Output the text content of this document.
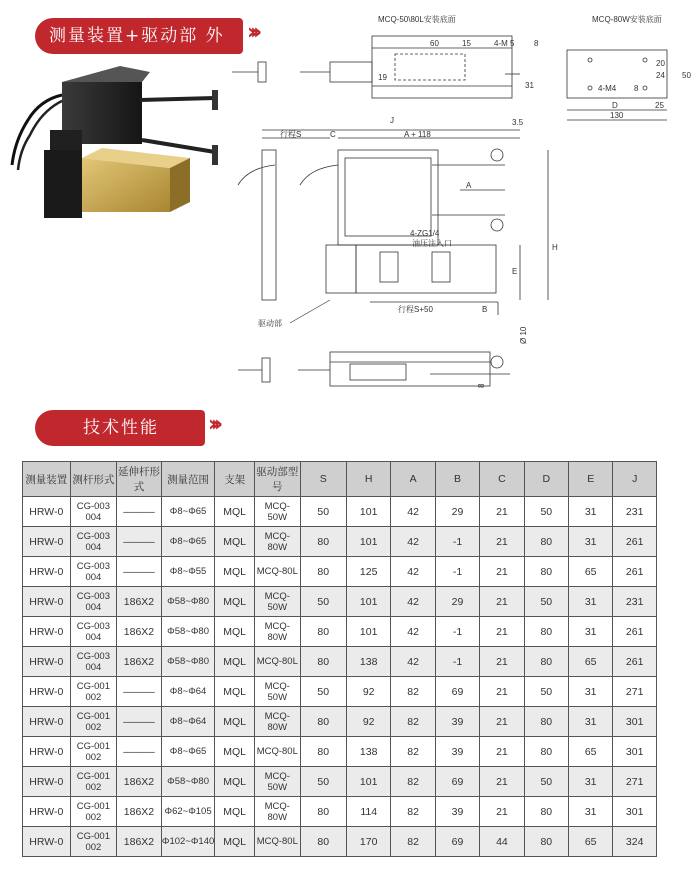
测量装置+驱动部 外观
›››
MCQ-50\80L安装底面
60	15	4-M 5 8
19
31
MCQ-80W安装底面
20
24 50
4-M4 8
D	25
130
J
行程S	C	A + 118
3.5
A
H
4-ZG1/4
油压注入口
E
行程S+50	B
驱动部
Ø 10
8
技术性能	›››
测量装置	测杆形式	延伸杆形式	测量范围	支架	驱动部型号	S	H	A	B	C	D	E	J
HRW-0	CG-003 004	———	Φ8~Φ65	MQL	MCQ-50W	50	101	42	29	21	50	31	231
HRW-0	CG-003 004	———	Φ8~Φ65	MQL	MCQ-80W	80	101	42	-1	21	80	31	261
HRW-0	CG-003 004	———	Φ8~Φ55	MQL	MCQ-80L	80	125	42	-1	21	80	65	261
HRW-0	CG-003 004	186X2	Φ58~Φ80	MQL	MCQ-50W	50	101	42	29	21	50	31	231
HRW-0	CG-003 004	186X2	Φ58~Φ80	MQL	MCQ-80W	80	101	42	-1	21	80	31	261
HRW-0	CG-003 004	186X2	Φ58~Φ80	MQL	MCQ-80L	80	138	42	-1	21	80	65	261
HRW-0	CG-001 002	———	Φ8~Φ64	MQL	MCQ-50W	50	92	82	69	21	50	31	271
HRW-0	CG-001 002	———	Φ8~Φ64	MQL	MCQ-80W	80	92	82	39	21	80	31	301
HRW-0	CG-001 002	———	Φ8~Φ65	MQL	MCQ-80L	80	138	82	39	21	80	65	301
HRW-0	CG-001 002	186X2	Φ58~Φ80	MQL	MCQ-50W	50	101	82	69	21	50	31	271
HRW-0	CG-001 002	186X2	Φ62~Φ105	MQL	MCQ-80W	80	114	82	39	21	80	31	301
HRW-0	CG-001 002	186X2	Φ102~Φ140	MQL	MCQ-80L	80	170	82	69	44	80	65	324
